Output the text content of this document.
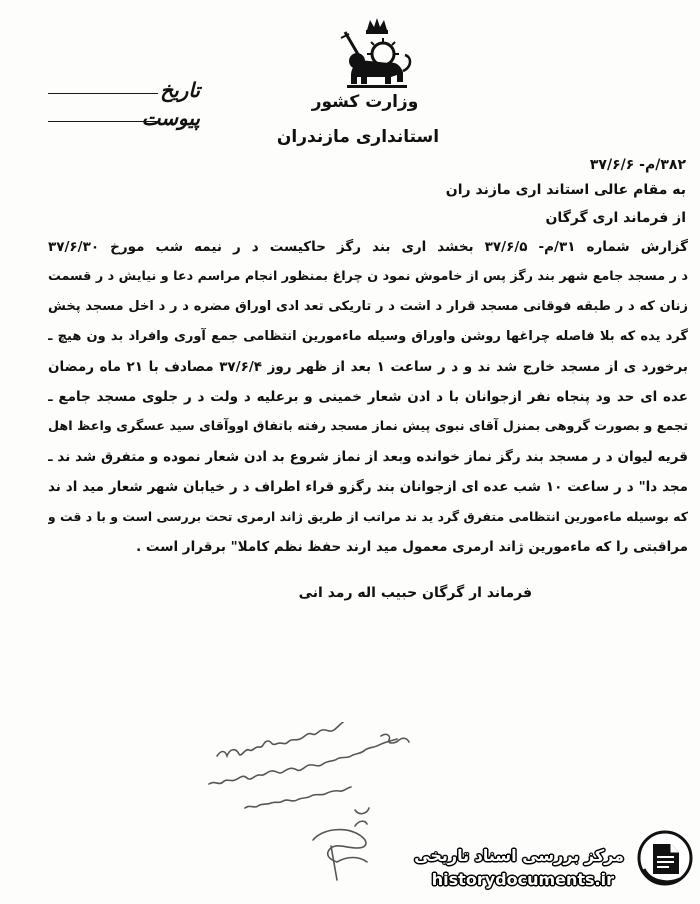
وزارت کشور
استانداری مازندران
تاریخ
پیوست
۳۸۲/م- ۳۷/۶/۶
به مقام عالی استاند اری مازند ران
از فرماند اری گرگان
گزارش شماره ۳۱/م- ۳۷/۶/۵ بخشد اری بند رگز حاکیست د ر نیمه شب مورخ ۳۷/۶/۳۰
د ر مسجد جامع شهر بند رگز پس از خاموش نمود ن چراغ بمنظور انجام مراسم دعا و نیایش د ر قسمت
زنان که د ر طبقه فوقانی مسجد قرار د اشت د ر تاریکی تعد ادی اوراق مضره د ر د اخل مسجد پخش
گرد یده که بلا فاصله چراغها روشن واوراق وسیله ماءمورین انتظامی جمع آوری وافراد بد ون هیچ ـ
برخورد ی از مسجد خارج شد ند و د ر ساعت ۱ بعد از ظهر روز ۳۷/۶/۴ مصادف با ۲۱ ماه رمضان
عده ای حد ود پنجاه نفر ازجوانان با د ادن شعار خمینی و برعلیه د ولت د ر جلوی مسجد جامع ـ
تجمع و بصورت گروهی بمنزل آقای نبوی پیش نماز مسجد رفته باتفاق اووآقای سید عسگری واعظ اهل
قریه لیوان د ر مسجد بند رگز نماز خوانده وبعد از نماز شروع بد ادن شعار نموده و متفرق شد ند ـ
مجد دا" د ر ساعت ۱۰ شب عده ای ازجوانان بند رگزو قراء اطراف د ر خیابان شهر شعار مید اد ند
که بوسیله ماءمورین انتظامی متفرق گرد ید ند مراتب از طریق ژاند ارمری تحت بررسی است و با د قت و
مراقبتی را که ماءمورین ژاند ارمری معمول مید ارند حفظ نظم کاملا" برقرار است .
فرماند ار گرگان حبیب اله رمد انی
مرکز بررسی اسناد تاریخی
historydocuments.ir
